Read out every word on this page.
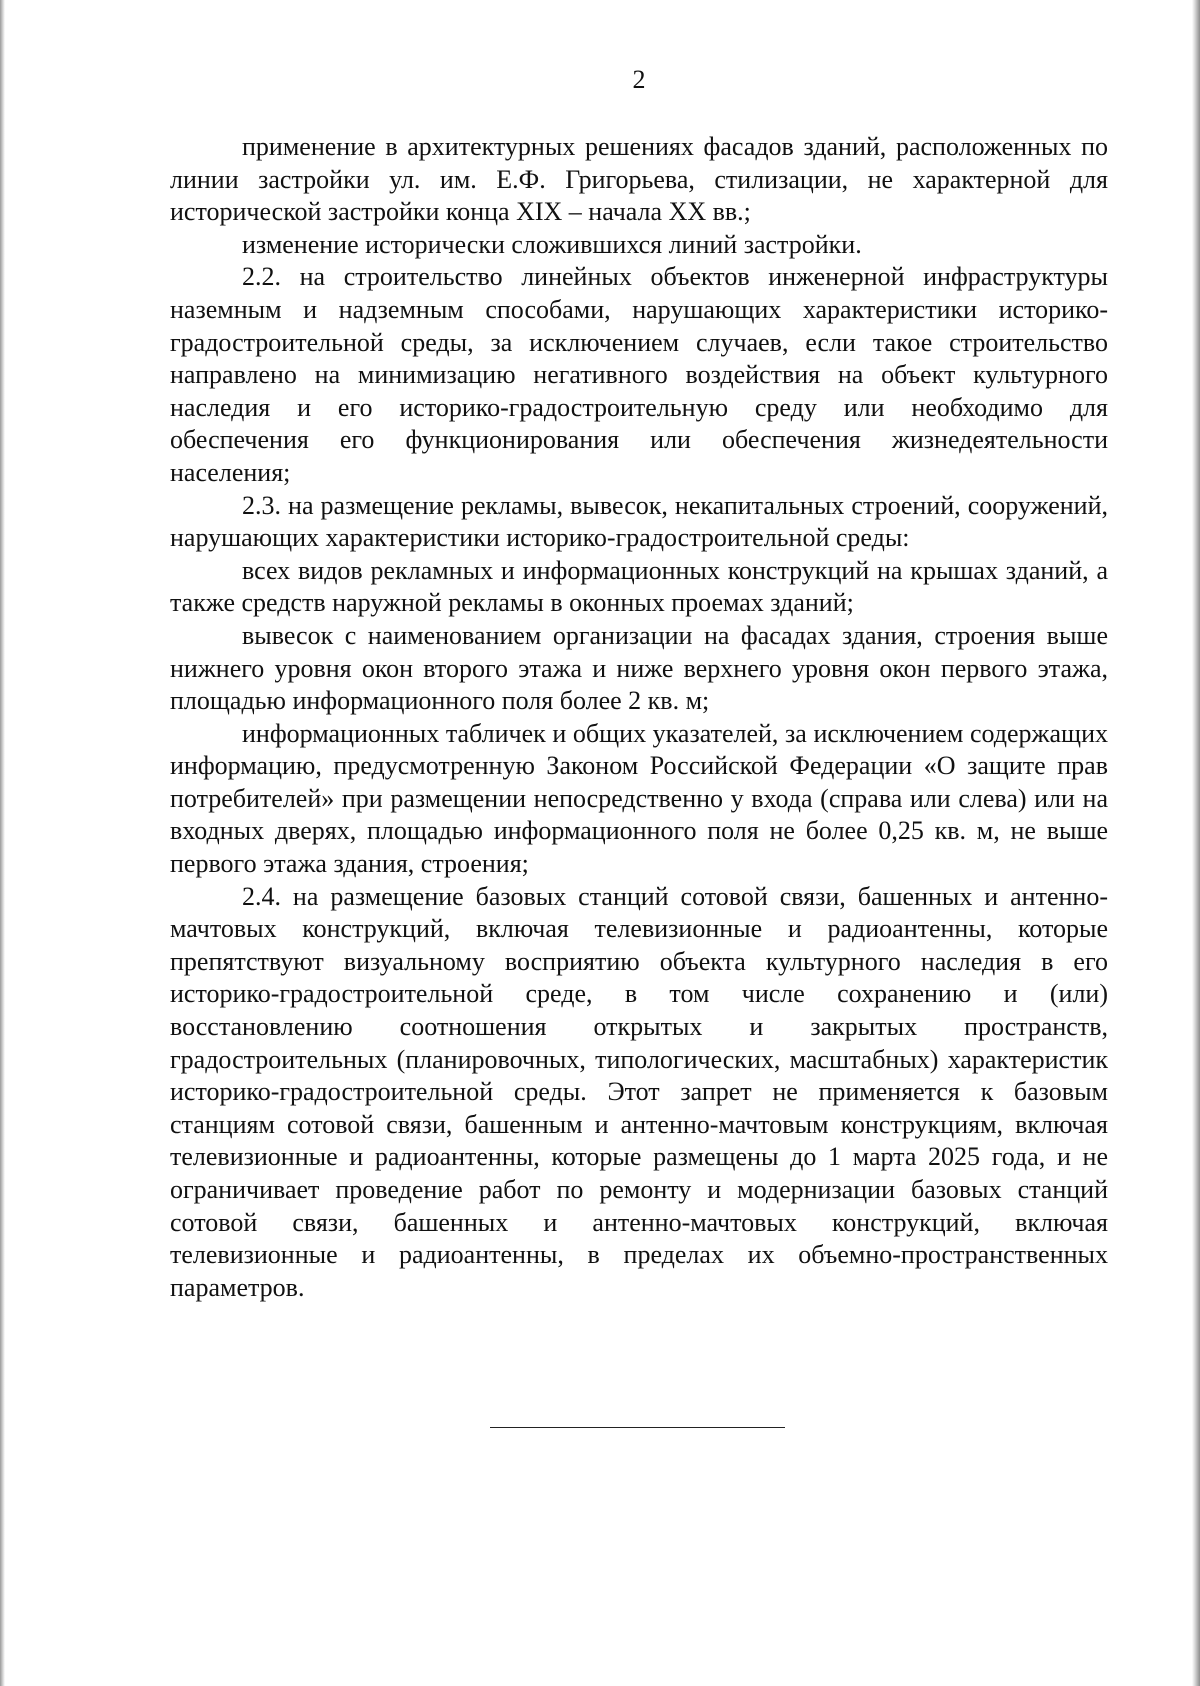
2

применение в архитектурных решениях фасадов зданий, расположенных по линии застройки ул. им. Е.Ф. Григорьева, стилизации, не характерной для исторической застройки конца XIX – начала XX вв.;

изменение исторически сложившихся линий застройки.

2.2. на строительство линейных объектов инженерной инфраструктуры наземным и надземным способами, нарушающих характеристики историко-градостроительной среды, за исключением случаев, если такое строительство направлено на минимизацию негативного воздействия на объект культурного наследия и его историко-градостроительную среду или необходимо для обеспечения его функционирования или обеспечения жизнедеятельности населения;

2.3. на размещение рекламы, вывесок, некапитальных строений, сооружений, нарушающих характеристики историко-градостроительной среды:

всех видов рекламных и информационных конструкций на крышах зданий, а также средств наружной рекламы в оконных проемах зданий;

вывесок с наименованием организации на фасадах здания, строения выше нижнего уровня окон второго этажа и ниже верхнего уровня окон первого этажа, площадью информационного поля более 2 кв. м;

информационных табличек и общих указателей, за исключением содержащих информацию, предусмотренную Законом Российской Федерации «О защите прав потребителей» при размещении непосредственно у входа (справа или слева) или на входных дверях, площадью информационного поля не более 0,25 кв. м, не выше первого этажа здания, строения;

2.4. на размещение базовых станций сотовой связи, башенных и антенно-мачтовых конструкций, включая телевизионные и радиоантенны, которые препятствуют визуальному восприятию объекта культурного наследия в его историко-градостроительной среде, в том числе сохранению и (или) восстановлению соотношения открытых и закрытых пространств, градостроительных (планировочных, типологических, масштабных) характеристик историко-градостроительной среды. Этот запрет не применяется к базовым станциям сотовой связи, башенным и антенно-мачтовым конструкциям, включая телевизионные и радиоантенны, которые размещены до 1 марта 2025 года, и не ограничивает проведение работ по ремонту и модернизации базовых станций сотовой связи, башенных и антенно-мачтовых конструкций, включая телевизионные и радиоантенны, в пределах их объемно-пространственных параметров.
